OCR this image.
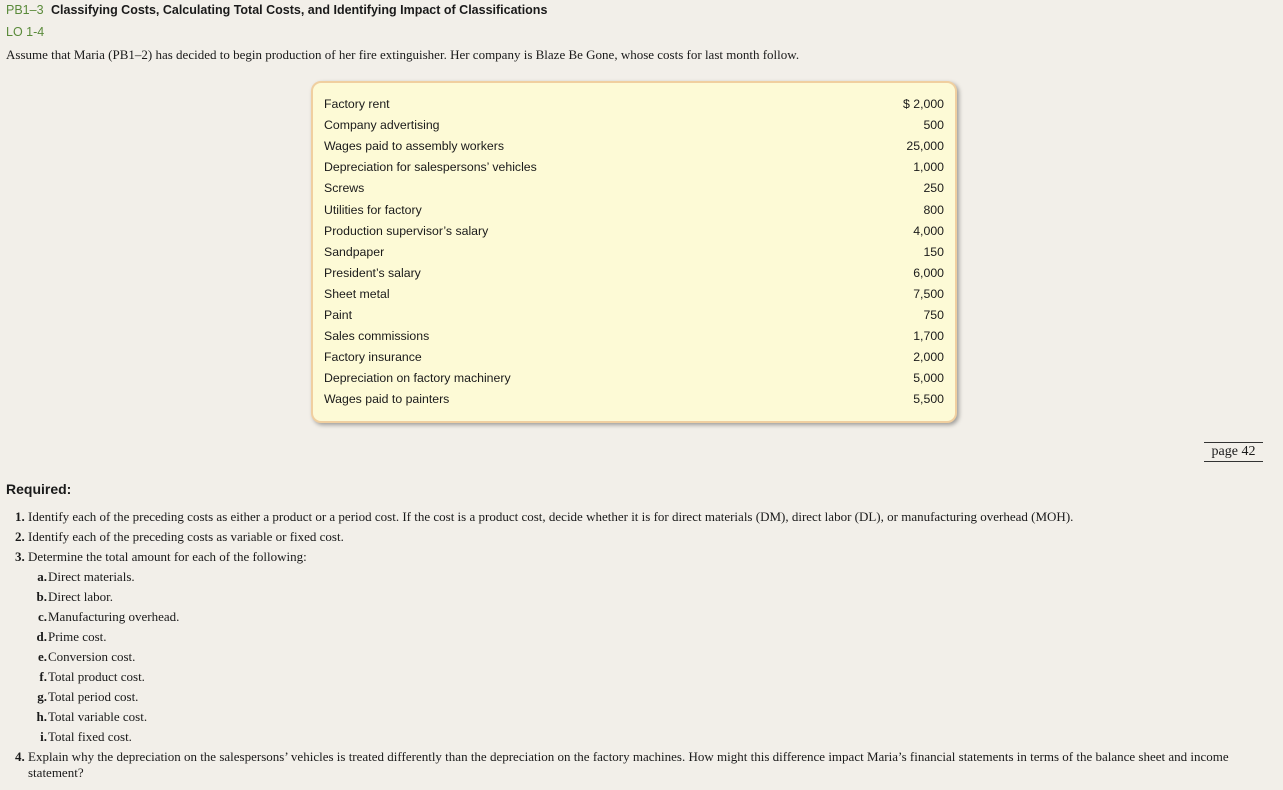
PB1–3 Classifying Costs, Calculating Total Costs, and Identifying Impact of Classifications
LO 1-4
Assume that Maria (PB1–2) has decided to begin production of her fire extinguisher. Her company is Blaze Be Gone, whose costs for last month follow.
Factory rent	$ 2,000
Company advertising	500
Wages paid to assembly workers	25,000
Depreciation for salespersons’ vehicles	1,000
Screws	250
Utilities for factory	800
Production supervisor’s salary	4,000
Sandpaper	150
President’s salary	6,000
Sheet metal	7,500
Paint	750
Sales commissions	1,700
Factory insurance	2,000
Depreciation on factory machinery	5,000
Wages paid to painters	5,500
page 42
Required:
1. Identify each of the preceding costs as either a product or a period cost. If the cost is a product cost, decide whether it is for direct materials (DM), direct labor (DL), or manufacturing overhead (MOH).
2. Identify each of the preceding costs as variable or fixed cost.
3. Determine the total amount for each of the following:
a.Direct materials.
b.Direct labor.
c.Manufacturing overhead.
d.Prime cost.
e.Conversion cost.
f.Total product cost.
g.Total period cost.
h.Total variable cost.
i.Total fixed cost.
4. Explain why the depreciation on the salespersons’ vehicles is treated differently than the depreciation on the factory machines. How might this difference impact Maria’s financial statements in terms of the balance sheet and income statement?
